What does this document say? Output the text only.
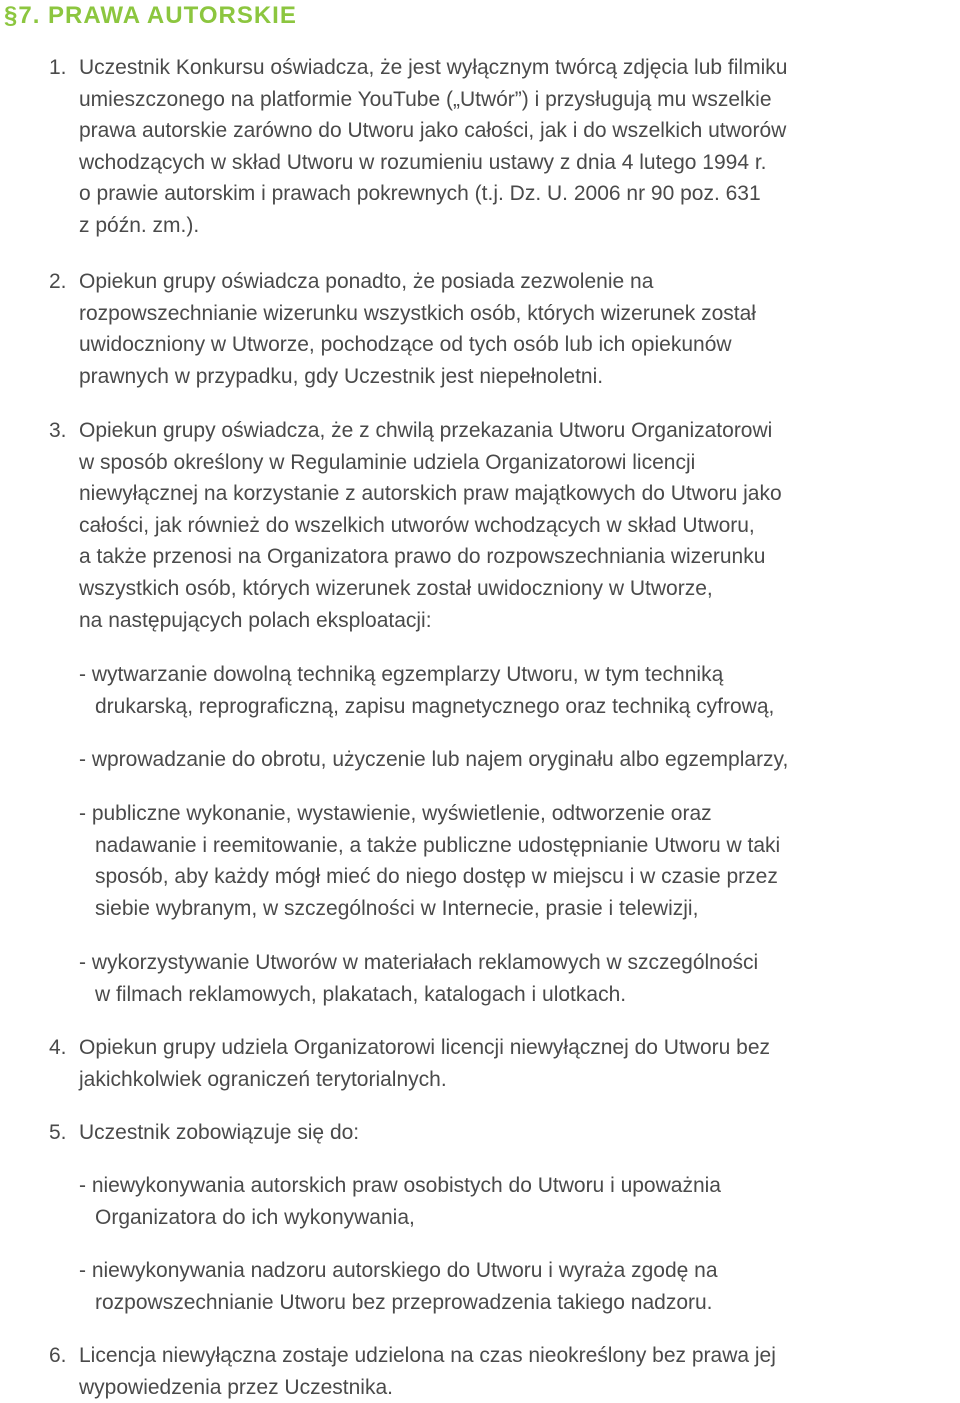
§7. PRAWA AUTORSKIE
1. Uczestnik Konkursu oświadcza, że jest wyłącznym twórcą zdjęcia lub filmiku
umieszczonego na platformie YouTube („Utwór”) i przysługują mu wszelkie
prawa autorskie zarówno do Utworu jako całości, jak i do wszelkich utworów
wchodzących w skład Utworu w rozumieniu ustawy z dnia 4 lutego 1994 r.
o prawie autorskim i prawach pokrewnych (t.j. Dz. U. 2006 nr 90 poz. 631
z późn. zm.).
2. Opiekun grupy oświadcza ponadto, że posiada zezwolenie na
rozpowszechnianie wizerunku wszystkich osób, których wizerunek został
uwidoczniony w Utworze, pochodzące od tych osób lub ich opiekunów
prawnych w przypadku, gdy Uczestnik jest niepełnoletni.
3. Opiekun grupy oświadcza, że z chwilą przekazania Utworu Organizatorowi
w sposób określony w Regulaminie udziela Organizatorowi licencji
niewyłącznej na korzystanie z autorskich praw majątkowych do Utworu jako
całości, jak również do wszelkich utworów wchodzących w skład Utworu,
a także przenosi na Organizatora prawo do rozpowszechniania wizerunku
wszystkich osób, których wizerunek został uwidoczniony w Utworze,
na następujących polach eksploatacji:
- wytwarzanie dowolną techniką egzemplarzy Utworu, w tym techniką
drukarską, reprograficzną, zapisu magnetycznego oraz techniką cyfrową,
- wprowadzanie do obrotu, użyczenie lub najem oryginału albo egzemplarzy,
- publiczne wykonanie, wystawienie, wyświetlenie, odtworzenie oraz
nadawanie i reemitowanie, a także publiczne udostępnianie Utworu w taki
sposób, aby każdy mógł mieć do niego dostęp w miejscu i w czasie przez
siebie wybranym, w szczególności w Internecie, prasie i telewizji,
- wykorzystywanie Utworów w materiałach reklamowych w szczególności
w filmach reklamowych, plakatach, katalogach i ulotkach.
4. Opiekun grupy udziela Organizatorowi licencji niewyłącznej do Utworu bez
jakichkolwiek ograniczeń terytorialnych.
5. Uczestnik zobowiązuje się do:
- niewykonywania autorskich praw osobistych do Utworu i upoważnia
Organizatora do ich wykonywania,
- niewykonywania nadzoru autorskiego do Utworu i wyraża zgodę na
rozpowszechnianie Utworu bez przeprowadzenia takiego nadzoru.
6. Licencja niewyłączna zostaje udzielona na czas nieokreślony bez prawa jej
wypowiedzenia przez Uczestnika.
